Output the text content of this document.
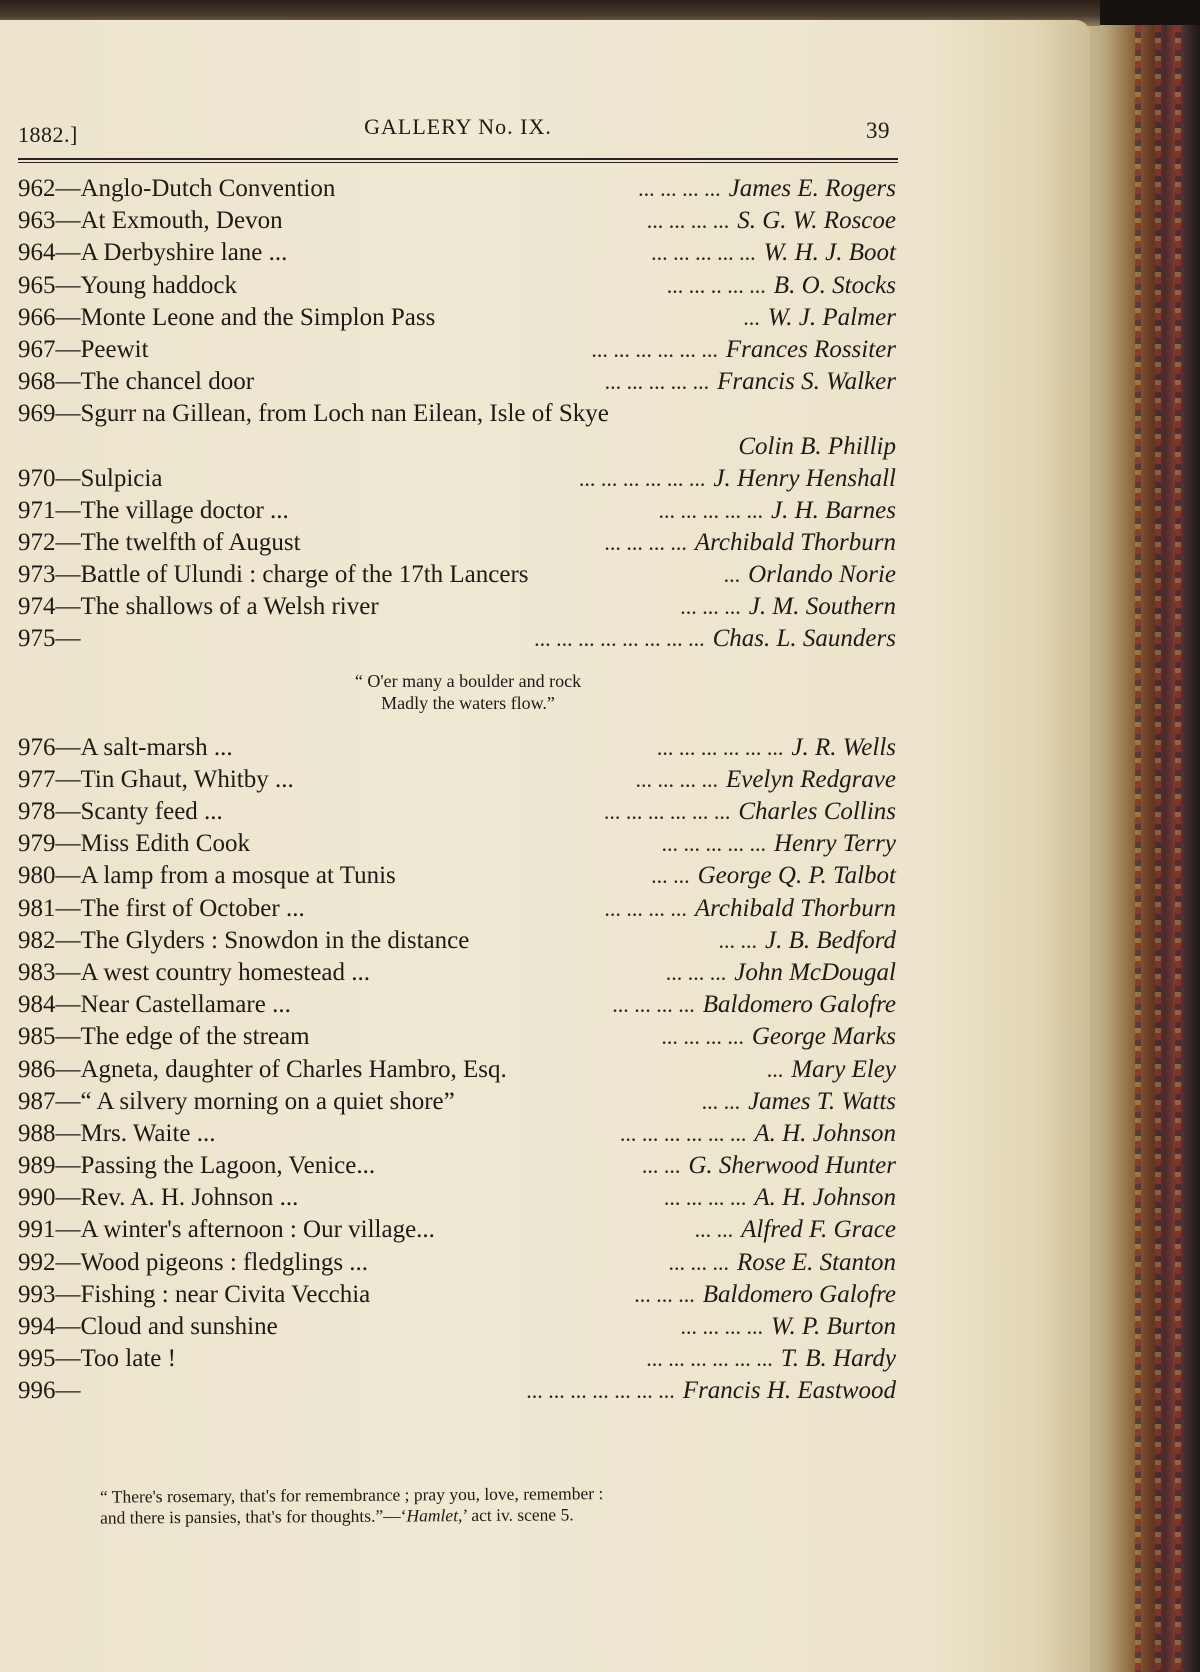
1882.]	GALLERY No. IX.	39
962—Anglo-Dutch Convention	... ... ... ... James E. Rogers
963—At Exmouth, Devon	... ... ... ... S. G. W. Roscoe
964—A Derbyshire lane ...	... ... ... ... ... W. H. J. Boot
965—Young haddock	... ... .. ... ... B. O. Stocks
966—Monte Leone and the Simplon Pass	... W. J. Palmer
967—Peewit	... ... ... ... ... ... Frances Rossiter
968—The chancel door	... ... ... ... ... Francis S. Walker
969—Sgurr na Gillean, from Loch nan Eilean, Isle of Skye
Colin B. Phillip
970—Sulpicia	... ... ... ... ... ... J. Henry Henshall
971—The village doctor ...	... ... ... ... ... J. H. Barnes
972—The twelfth of August	... ... ... ... Archibald Thorburn
973—Battle of Ulundi : charge of the 17th Lancers	... Orlando Norie
974—The shallows of a Welsh river	... ... ... J. M. Southern
975—	... ... ... ... ... ... ... ... Chas. L. Saunders
“ O'er many a boulder and rock
Madly the waters flow.”
976—A salt-marsh ...	... ... ... ... ... ... J. R. Wells
977—Tin Ghaut, Whitby ...	... ... ... ... Evelyn Redgrave
978—Scanty feed ...	... ... ... ... ... ... Charles Collins
979—Miss Edith Cook	... ... ... ... ... Henry Terry
980—A lamp from a mosque at Tunis	... ... George Q. P. Talbot
981—The first of October ...	... ... ... ... Archibald Thorburn
982—The Glyders : Snowdon in the distance	... ... J. B. Bedford
983—A west country homestead ...	... ... ... John McDougal
984—Near Castellamare ...	... ... ... ... Baldomero Galofre
985—The edge of the stream	... ... ... ... George Marks
986—Agneta, daughter of Charles Hambro, Esq.	... Mary Eley
987—“ A silvery morning on a quiet shore”	... ... James T. Watts
988—Mrs. Waite ...	... ... ... ... ... ... A. H. Johnson
989—Passing the Lagoon, Venice...	... ... G. Sherwood Hunter
990—Rev. A. H. Johnson ...	... ... ... ... A. H. Johnson
991—A winter's afternoon : Our village...	... ... Alfred F. Grace
992—Wood pigeons : fledglings ...	... ... ... Rose E. Stanton
993—Fishing : near Civita Vecchia	... ... ... Baldomero Galofre
994—Cloud and sunshine	... ... ... ... W. P. Burton
995—Too late !	... ... ... ... ... ... T. B. Hardy
996—	... ... ... ... ... ... ... Francis H. Eastwood
“ There's rosemary, that's for remembrance ; pray you, love, remember :
and there is pansies, that's for thoughts.”—‘Hamlet,’ act iv. scene 5.
